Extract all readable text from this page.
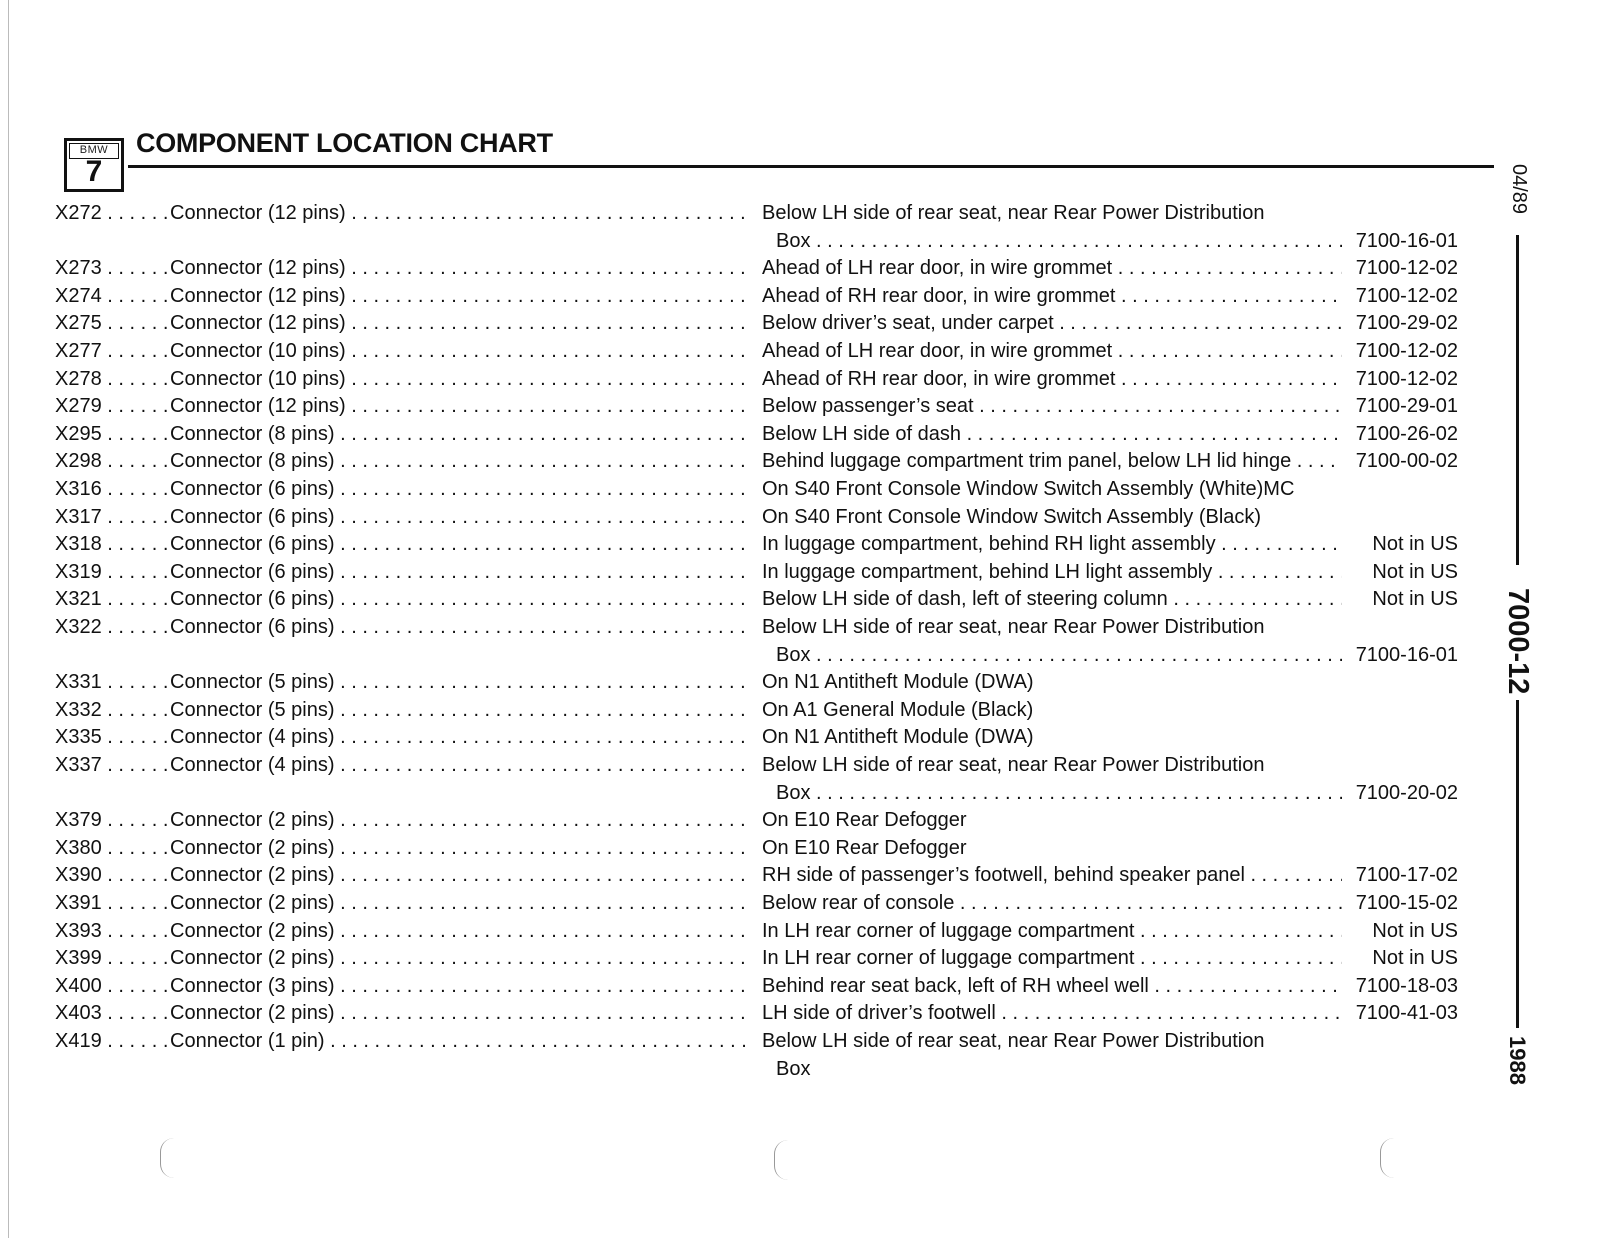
BMW
7
COMPONENT LOCATION CHART
X272 . . .	Connector (12 pins) . . .	Below LH side of rear seat, near Rear Power Distribution
Box . . .	7100-16-01
X273 . . .	Connector (12 pins) . . .	Ahead of LH rear door, in wire grommet . . .	7100-12-02
X274 . . .	Connector (12 pins) . . .	Ahead of RH rear door, in wire grommet . . .	7100-12-02
X275 . . .	Connector (12 pins) . . .	Below driver’s seat, under carpet . . .	7100-29-02
X277 . . .	Connector (10 pins) . . .	Ahead of LH rear door, in wire grommet . . .	7100-12-02
X278 . . .	Connector (10 pins) . . .	Ahead of RH rear door, in wire grommet . . .	7100-12-02
X279 . . .	Connector (12 pins) . . .	Below passenger’s seat . . .	7100-29-01
X295 . . .	Connector (8 pins) . . .	Below LH side of dash . . .	7100-26-02
X298 . . .	Connector (8 pins) . . .	Behind luggage compartment trim panel, below LH lid hinge . . .	7100-00-02
X316 . . .	Connector (6 pins) . . .	On S40 Front Console Window Switch Assembly (White)MC
X317 . . .	Connector (6 pins) . . .	On S40 Front Console Window Switch Assembly (Black)
X318 . . .	Connector (6 pins) . . .	In luggage compartment, behind RH light assembly . . .	Not in US
X319 . . .	Connector (6 pins) . . .	In luggage compartment, behind LH light assembly . . .	Not in US
X321 . . .	Connector (6 pins) . . .	Below LH side of dash, left of steering column . . .	Not in US
X322 . . .	Connector (6 pins) . . .	Below LH side of rear seat, near Rear Power Distribution
Box . . .	7100-16-01
X331 . . .	Connector (5 pins) . . .	On N1 Antitheft Module (DWA)
X332 . . .	Connector (5 pins) . . .	On A1 General Module (Black)
X335 . . .	Connector (4 pins) . . .	On N1 Antitheft Module (DWA)
X337 . . .	Connector (4 pins) . . .	Below LH side of rear seat, near Rear Power Distribution
Box . . .	7100-20-02
X379 . . .	Connector (2 pins) . . .	On E10 Rear Defogger
X380 . . .	Connector (2 pins) . . .	On E10 Rear Defogger
X390 . . .	Connector (2 pins) . . .	RH side of passenger’s footwell, behind speaker panel . . .	7100-17-02
X391 . . .	Connector (2 pins) . . .	Below rear of console . . .	7100-15-02
X393 . . .	Connector (2 pins) . . .	In LH rear corner of luggage compartment . . .	Not in US
X399 . . .	Connector (2 pins) . . .	In LH rear corner of luggage compartment . . .	Not in US
X400 . . .	Connector (3 pins) . . .	Behind rear seat back, left of RH wheel well . . .	7100-18-03
X403 . . .	Connector (2 pins) . . .	LH side of driver’s footwell . . .	7100-41-03
X419 . . .	Connector (1 pin) . . .	Below LH side of rear seat, near Rear Power Distribution
Box
04/89
7000-12
1988
